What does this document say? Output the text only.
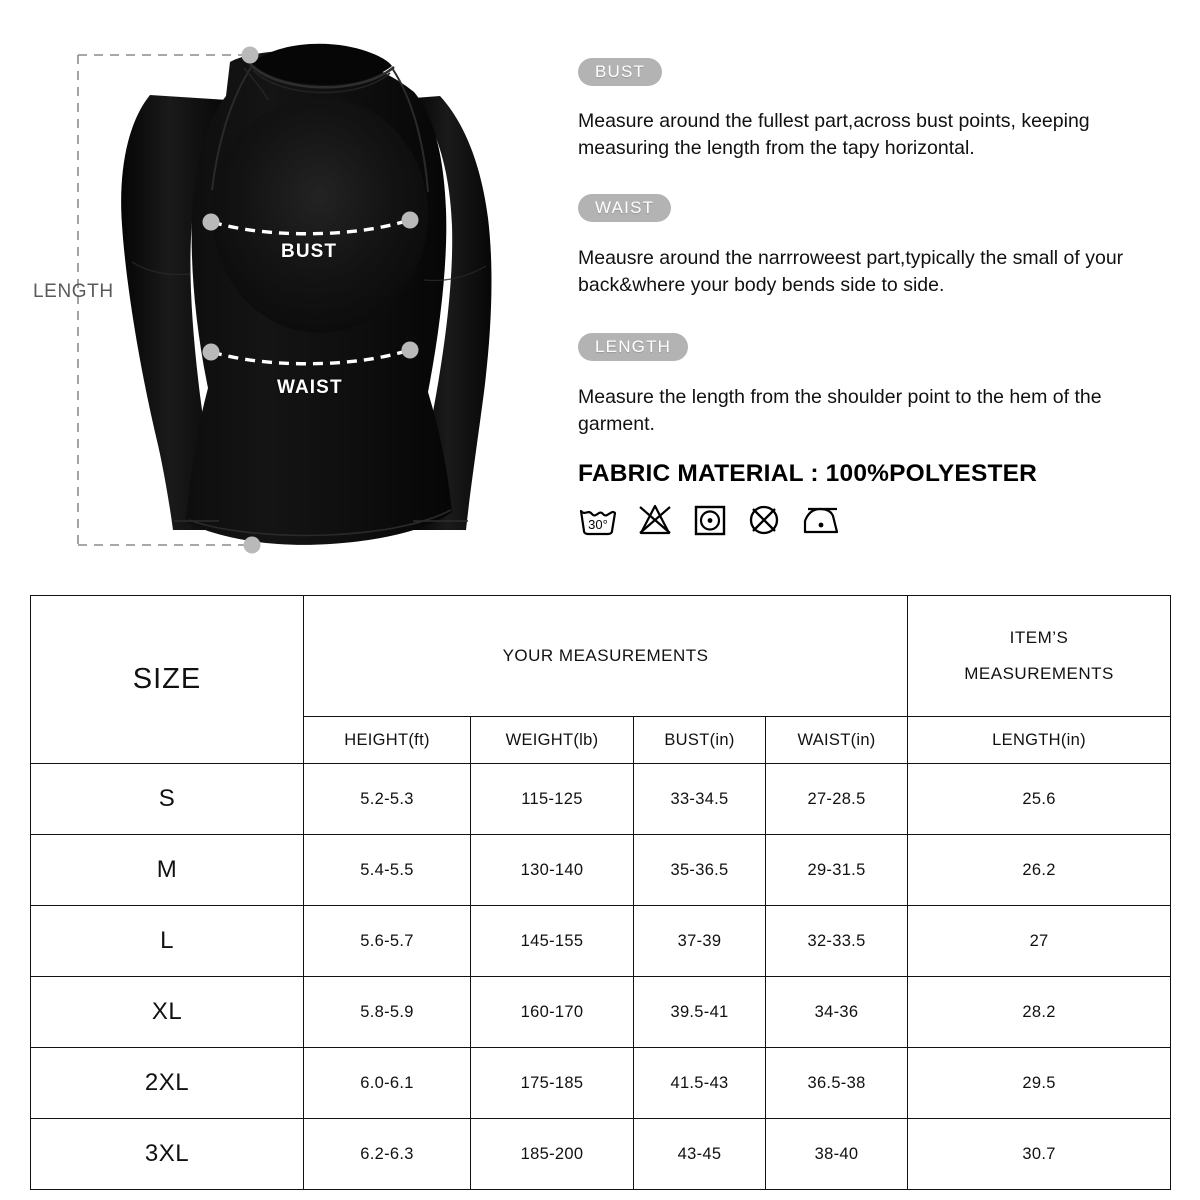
LENGTH
BUST
WAIST
BUST
Measure around the fullest part,across bust points, keeping measuring the length from the tapy horizontal.
WAIST
Meausre around the narrroweest part,typically the small of your back&where your body bends side to side.
LENGTH
Measure the length from the shoulder point to the hem of the garment.
FABRIC MATERIAL : 100%POLYESTER
30°
SIZE	YOUR MEASUREMENTS				ITEM’S
MEASUREMENTS

	HEIGHT(ft)	WEIGHT(lb)	BUST(in)	WAIST(in)	LENGTH(in)
S	5.2-5.3	115-125	33-34.5	27-28.5	25.6
M	5.4-5.5	130-140	35-36.5	29-31.5	26.2
L	5.6-5.7	145-155	37-39	32-33.5	27
XL	5.8-5.9	160-170	39.5-41	34-36	28.2
2XL	6.0-6.1	175-185	41.5-43	36.5-38	29.5
3XL	6.2-6.3	185-200	43-45	38-40	30.7
